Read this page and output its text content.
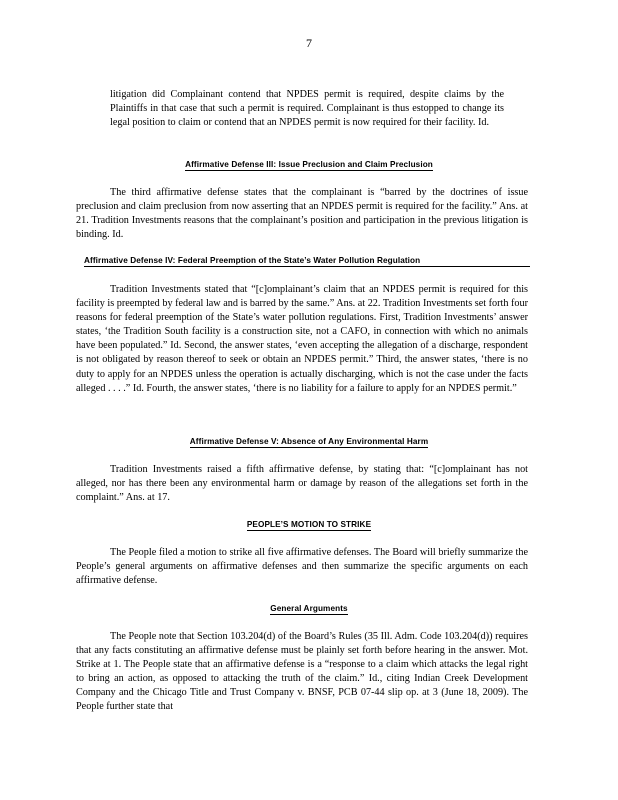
7

litigation did Complainant contend that NPDES permit is required, despite claims by the Plaintiffs in that case that such a permit is required. Complainant is thus estopped to change its legal position to claim or contend that an NPDES permit is now required for their facility. Id.

Affirmative Defense III: Issue Preclusion and Claim Preclusion

The third affirmative defense states that the complainant is “barred by the doctrines of issue preclusion and claim preclusion from now asserting that an NPDES permit is required for the facility.” Ans. at 21. Tradition Investments reasons that the complainant’s position and participation in the previous litigation is binding. Id.

Affirmative Defense IV: Federal Preemption of the State’s Water Pollution Regulation

Tradition Investments stated that “[c]omplainant’s claim that an NPDES permit is required for this facility is preempted by federal law and is barred by the same.” Ans. at 22. Tradition Investments set forth four reasons for federal preemption of the State’s water pollution regulations. First, Tradition Investments’ answer states, ‘the Tradition South facility is a construction site, not a CAFO, in connection with which no animals have been populated.” Id. Second, the answer states, ‘even accepting the allegation of a discharge, respondent is not obligated by reason thereof to seek or obtain an NPDES permit.” Third, the answer states, ‘there is no duty to apply for an NPDES unless the operation is actually discharging, which is not the case under the facts alleged . . . .” Id. Fourth, the answer states, ‘there is no liability for a failure to apply for an NPDES permit.”

Affirmative Defense V: Absence of Any Environmental Harm

Tradition Investments raised a fifth affirmative defense, by stating that: “[c]omplainant has not alleged, nor has there been any environmental harm or damage by reason of the allegations set forth in the complaint.” Ans. at 17.

PEOPLE’S MOTION TO STRIKE

The People filed a motion to strike all five affirmative defenses. The Board will briefly summarize the People’s general arguments on affirmative defenses and then summarize the specific arguments on each affirmative defense.

General Arguments

The People note that Section 103.204(d) of the Board’s Rules (35 Ill. Adm. Code 103.204(d)) requires that any facts constituting an affirmative defense must be plainly set forth before hearing in the answer. Mot. Strike at 1. The People state that an affirmative defense is a “response to a claim which attacks the legal right to bring an action, as opposed to attacking the truth of the claim.” Id., citing Indian Creek Development Company and the Chicago Title and Trust Company v. BNSF, PCB 07-44 slip op. at 3 (June 18, 2009). The People further state that
